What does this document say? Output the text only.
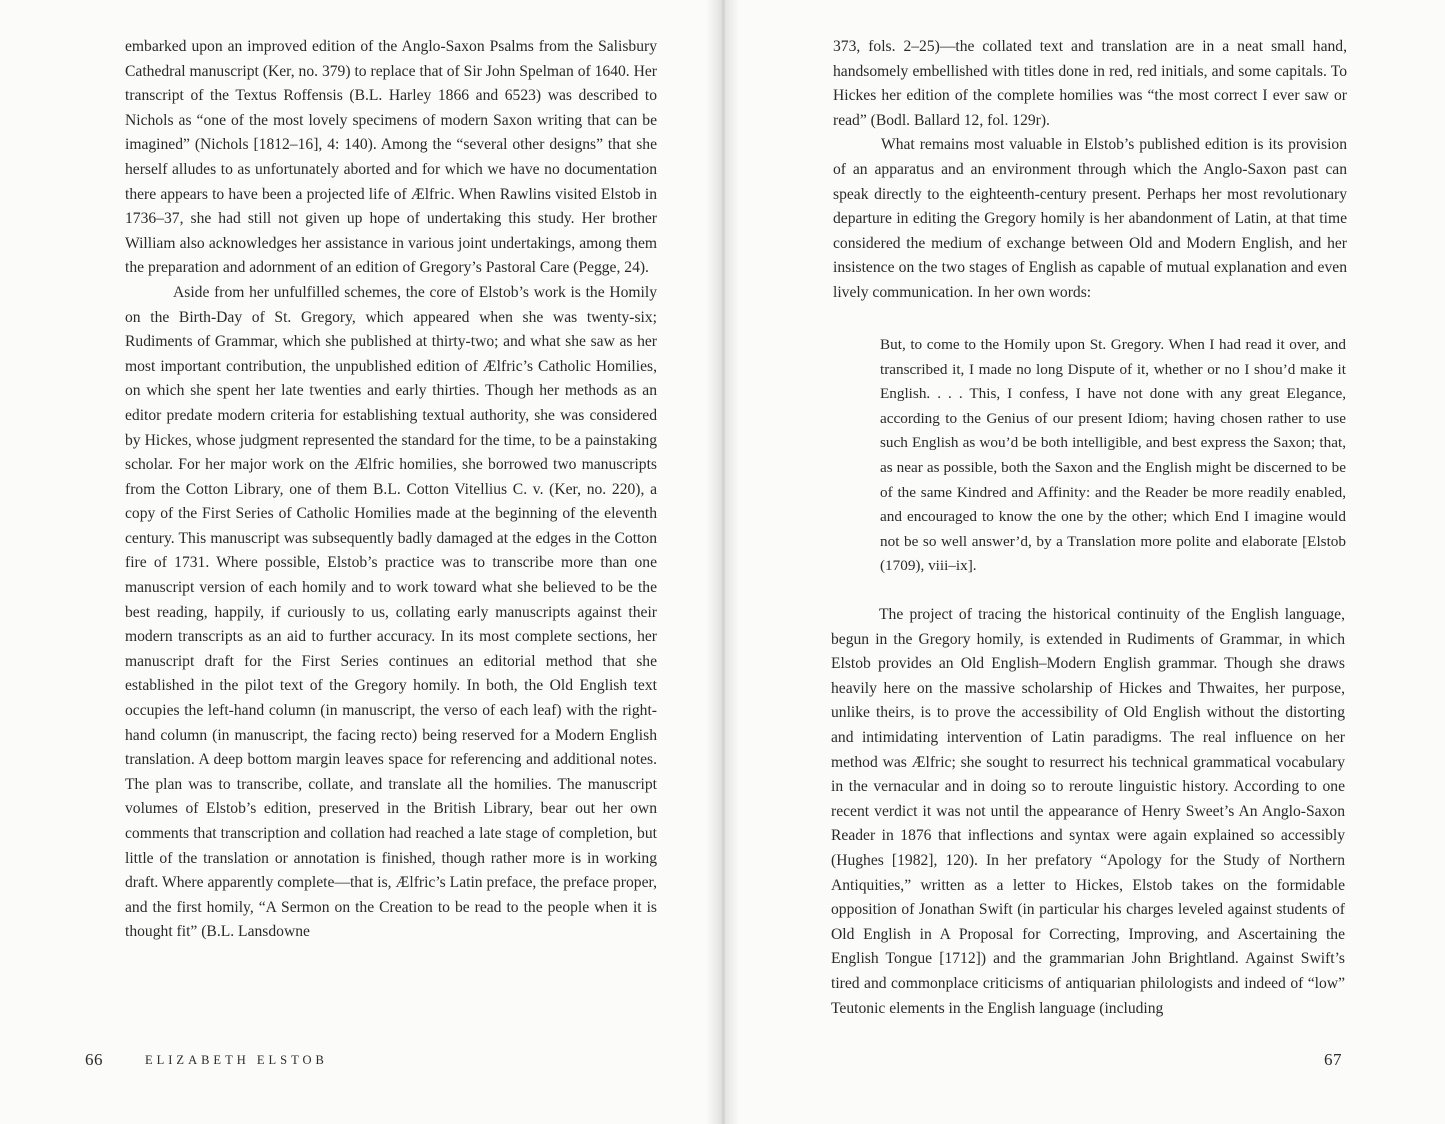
embarked upon an improved edition of the Anglo-Saxon Psalms from the Salisbury Cathedral manuscript (Ker, no. 379) to replace that of Sir John Spelman of 1640. Her transcript of the Textus Roffensis (B.L. Harley 1866 and 6523) was described to Nichols as “one of the most lovely specimens of modern Saxon writing that can be imagined” (Nichols [1812–16], 4: 140). Among the “several other designs” that she herself alludes to as unfortunately aborted and for which we have no documentation there appears to have been a projected life of Ælfric. When Rawlins visited Elstob in 1736–37, she had still not given up hope of undertaking this study. Her brother William also acknowledges her assistance in various joint undertakings, among them the preparation and adornment of an edition of Gregory’s Pastoral Care (Pegge, 24).

Aside from her unfulfilled schemes, the core of Elstob’s work is the Homily on the Birth-Day of St. Gregory, which appeared when she was twenty-six; Rudiments of Grammar, which she published at thirty-two; and what she saw as her most important contribution, the unpublished edition of Ælfric’s Catholic Homilies, on which she spent her late twenties and early thirties. Though her methods as an editor predate modern criteria for establishing textual authority, she was considered by Hickes, whose judgment represented the standard for the time, to be a painstaking scholar. For her major work on the Ælfric homilies, she borrowed two manuscripts from the Cotton Library, one of them B.L. Cotton Vitellius C. v. (Ker, no. 220), a copy of the First Series of Catholic Homilies made at the beginning of the eleventh century. This manuscript was subsequently badly damaged at the edges in the Cotton fire of 1731. Where possible, Elstob’s practice was to transcribe more than one manuscript version of each homily and to work toward what she believed to be the best reading, happily, if curiously to us, collating early manuscripts against their modern transcripts as an aid to further accuracy. In its most complete sections, her manuscript draft for the First Series continues an editorial method that she established in the pilot text of the Gregory homily. In both, the Old English text occupies the left-hand column (in manuscript, the verso of each leaf) with the right-hand column (in manuscript, the facing recto) being reserved for a Modern English translation. A deep bottom margin leaves space for referencing and additional notes. The plan was to transcribe, collate, and translate all the homilies. The manuscript volumes of Elstob’s edition, preserved in the British Library, bear out her own comments that transcription and collation had reached a late stage of completion, but little of the translation or annotation is finished, though rather more is in working draft. Where apparently complete—that is, Ælfric’s Latin preface, the preface proper, and the first homily, “A Sermon on the Creation to be read to the people when it is thought fit” (B.L. Lansdowne

66	ELIZABETH ELSTOB

373, fols. 2–25)—the collated text and translation are in a neat small hand, handsomely embellished with titles done in red, red initials, and some capitals. To Hickes her edition of the complete homilies was “the most correct I ever saw or read” (Bodl. Ballard 12, fol. 129r).

What remains most valuable in Elstob’s published edition is its provision of an apparatus and an environment through which the Anglo-Saxon past can speak directly to the eighteenth-century present. Perhaps her most revolutionary departure in editing the Gregory homily is her abandonment of Latin, at that time considered the medium of exchange between Old and Modern English, and her insistence on the two stages of English as capable of mutual explanation and even lively communication. In her own words:

But, to come to the Homily upon St. Gregory. When I had read it over, and transcribed it, I made no long Dispute of it, whether or no I shou’d make it English. . . . This, I confess, I have not done with any great Elegance, according to the Genius of our present Idiom; having chosen rather to use such English as wou’d be both intelligible, and best express the Saxon; that, as near as possible, both the Saxon and the English might be discerned to be of the same Kindred and Affinity: and the Reader be more readily enabled, and encouraged to know the one by the other; which End I imagine would not be so well answer’d, by a Translation more polite and elaborate [Elstob (1709), viii–ix].

The project of tracing the historical continuity of the English language, begun in the Gregory homily, is extended in Rudiments of Grammar, in which Elstob provides an Old English–Modern English grammar. Though she draws heavily here on the massive scholarship of Hickes and Thwaites, her purpose, unlike theirs, is to prove the accessibility of Old English without the distorting and intimidating intervention of Latin paradigms. The real influence on her method was Ælfric; she sought to resurrect his technical grammatical vocabulary in the vernacular and in doing so to reroute linguistic history. According to one recent verdict it was not until the appearance of Henry Sweet’s An Anglo-Saxon Reader in 1876 that inflections and syntax were again explained so accessibly (Hughes [1982], 120). In her prefatory “Apology for the Study of Northern Antiquities,” written as a letter to Hickes, Elstob takes on the formidable opposition of Jonathan Swift (in particular his charges leveled against students of Old English in A Proposal for Correcting, Improving, and Ascertaining the English Tongue [1712]) and the grammarian John Brightland. Against Swift’s tired and commonplace criticisms of antiquarian philologists and indeed of “low” Teutonic elements in the English language (including

67
